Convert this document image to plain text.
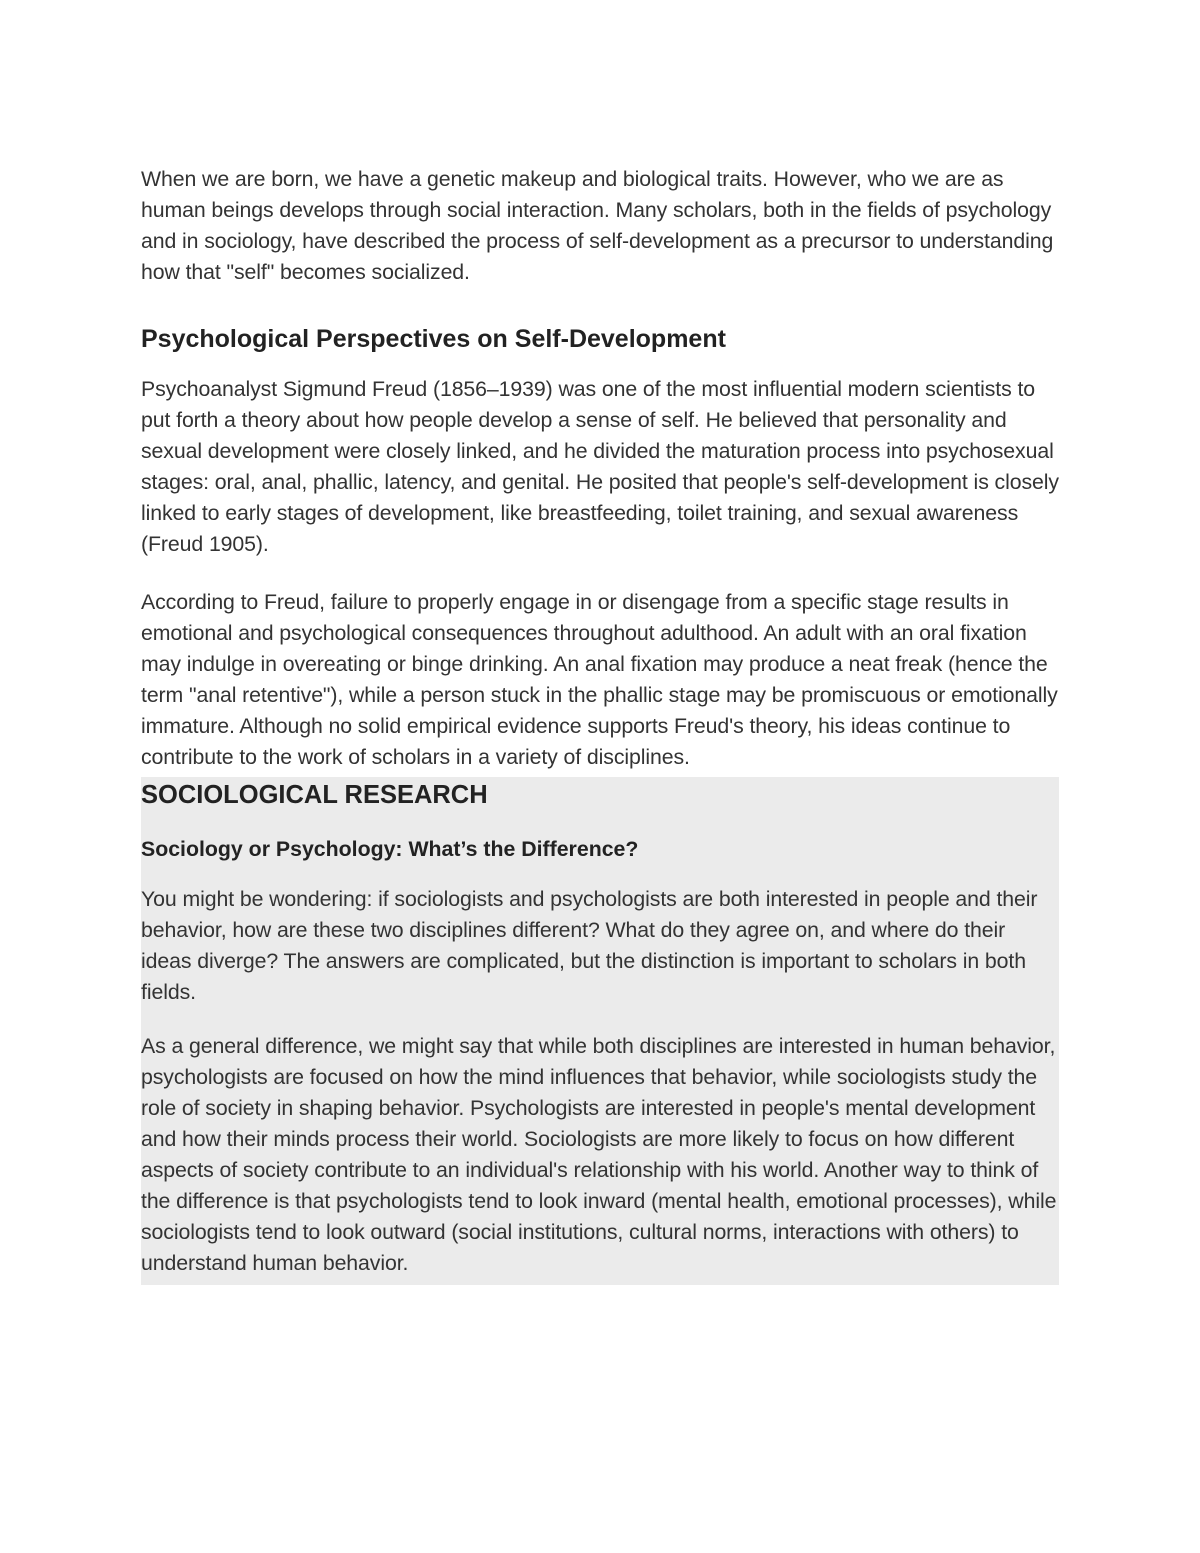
When we are born, we have a genetic makeup and biological traits. However, who we are as human beings develops through social interaction. Many scholars, both in the fields of psychology and in sociology, have described the process of self-development as a precursor to understanding how that "self" becomes socialized.

Psychological Perspectives on Self-Development

Psychoanalyst Sigmund Freud (1856–1939) was one of the most influential modern scientists to put forth a theory about how people develop a sense of self. He believed that personality and sexual development were closely linked, and he divided the maturation process into psychosexual stages: oral, anal, phallic, latency, and genital. He posited that people's self-development is closely linked to early stages of development, like breastfeeding, toilet training, and sexual awareness (Freud 1905).

According to Freud, failure to properly engage in or disengage from a specific stage results in emotional and psychological consequences throughout adulthood. An adult with an oral fixation may indulge in overeating or binge drinking. An anal fixation may produce a neat freak (hence the term "anal retentive"), while a person stuck in the phallic stage may be promiscuous or emotionally immature. Although no solid empirical evidence supports Freud's theory, his ideas continue to contribute to the work of scholars in a variety of disciplines.

SOCIOLOGICAL RESEARCH
Sociology or Psychology: What’s the Difference?

You might be wondering: if sociologists and psychologists are both interested in people and their behavior, how are these two disciplines different? What do they agree on, and where do their ideas diverge? The answers are complicated, but the distinction is important to scholars in both fields.

As a general difference, we might say that while both disciplines are interested in human behavior, psychologists are focused on how the mind influences that behavior, while sociologists study the role of society in shaping behavior. Psychologists are interested in people's mental development and how their minds process their world. Sociologists are more likely to focus on how different aspects of society contribute to an individual's relationship with his world. Another way to think of the difference is that psychologists tend to look inward (mental health, emotional processes), while sociologists tend to look outward (social institutions, cultural norms, interactions with others) to understand human behavior.
